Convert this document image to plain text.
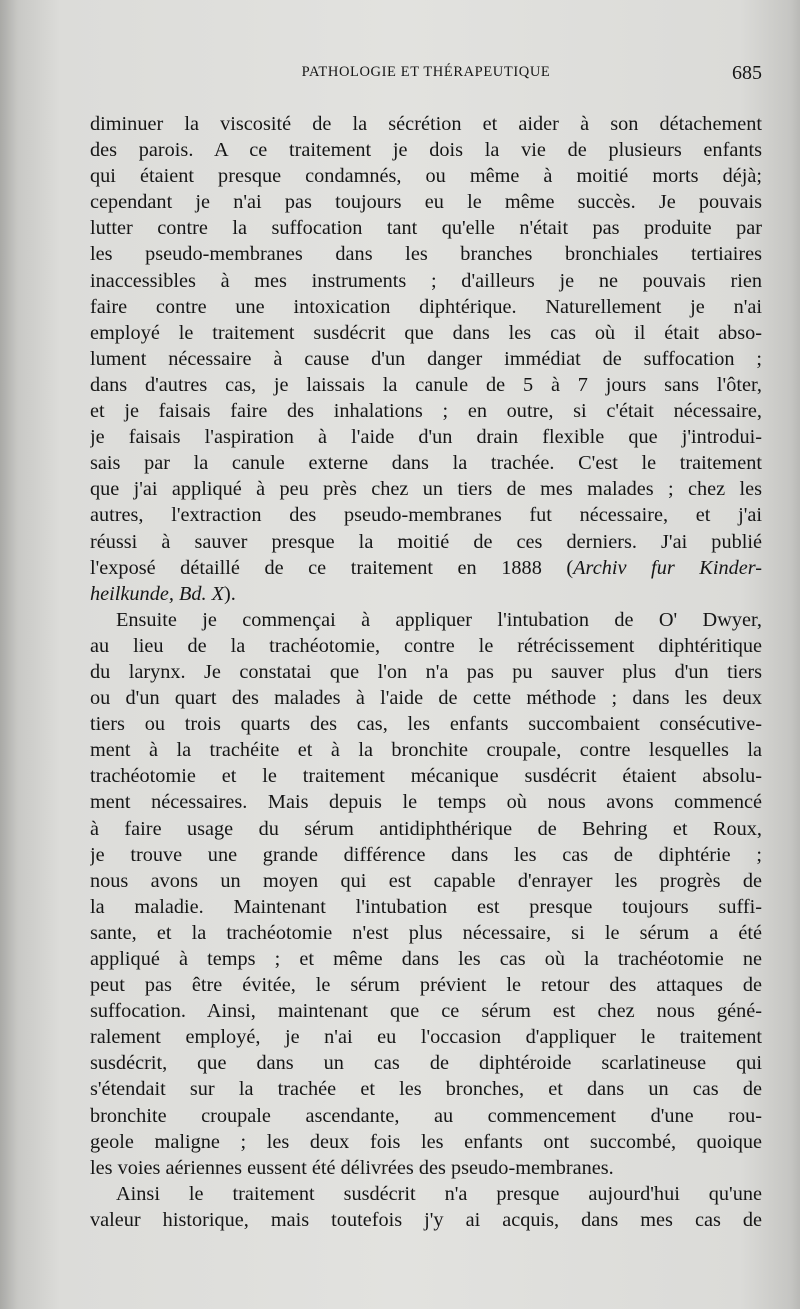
PATHOLOGIE ET THÉRAPEUTIQUE	685
diminuer la viscosité de la sécrétion et aider à son détachement
des parois. A ce traitement je dois la vie de plusieurs enfants
qui étaient presque condamnés, ou même à moitié morts déjà;
cependant je n'ai pas toujours eu le même succès. Je pouvais
lutter contre la suffocation tant qu'elle n'était pas produite par
les pseudo-membranes dans les branches bronchiales tertiaires
inaccessibles à mes instruments ; d'ailleurs je ne pouvais rien
faire contre une intoxication diphtérique. Naturellement je n'ai
employé le traitement susdécrit que dans les cas où il était abso-
lument nécessaire à cause d'un danger immédiat de suffocation ;
dans d'autres cas, je laissais la canule de 5 à 7 jours sans l'ôter,
et je faisais faire des inhalations ; en outre, si c'était nécessaire,
je faisais l'aspiration à l'aide d'un drain flexible que j'introdui-
sais par la canule externe dans la trachée. C'est le traitement
que j'ai appliqué à peu près chez un tiers de mes malades ; chez les
autres, l'extraction des pseudo-membranes fut nécessaire, et j'ai
réussi à sauver presque la moitié de ces derniers. J'ai publié
l'exposé détaillé de ce traitement en 1888 (Archiv fur Kinder-
heilkunde, Bd. X).
Ensuite je commençai à appliquer l'intubation de O' Dwyer,
au lieu de la trachéotomie, contre le rétrécissement diphtéritique
du larynx. Je constatai que l'on n'a pas pu sauver plus d'un tiers
ou d'un quart des malades à l'aide de cette méthode ; dans les deux
tiers ou trois quarts des cas, les enfants succombaient consécutive-
ment à la trachéite et à la bronchite croupale, contre lesquelles la
trachéotomie et le traitement mécanique susdécrit étaient absolu-
ment nécessaires. Mais depuis le temps où nous avons commencé
à faire usage du sérum antidiphthérique de Behring et Roux,
je trouve une grande différence dans les cas de diphtérie ;
nous avons un moyen qui est capable d'enrayer les progrès de
la maladie. Maintenant l'intubation est presque toujours suffi-
sante, et la trachéotomie n'est plus nécessaire, si le sérum a été
appliqué à temps ; et même dans les cas où la trachéotomie ne
peut pas être évitée, le sérum prévient le retour des attaques de
suffocation. Ainsi, maintenant que ce sérum est chez nous géné-
ralement employé, je n'ai eu l'occasion d'appliquer le traitement
susdécrit, que dans un cas de diphtéroide scarlatineuse qui
s'étendait sur la trachée et les bronches, et dans un cas de
bronchite croupale ascendante, au commencement d'une rou-
geole maligne ; les deux fois les enfants ont succombé, quoique
les voies aériennes eussent été délivrées des pseudo-membranes.
Ainsi le traitement susdécrit n'a presque aujourd'hui qu'une
valeur historique, mais toutefois j'y ai acquis, dans mes cas de
